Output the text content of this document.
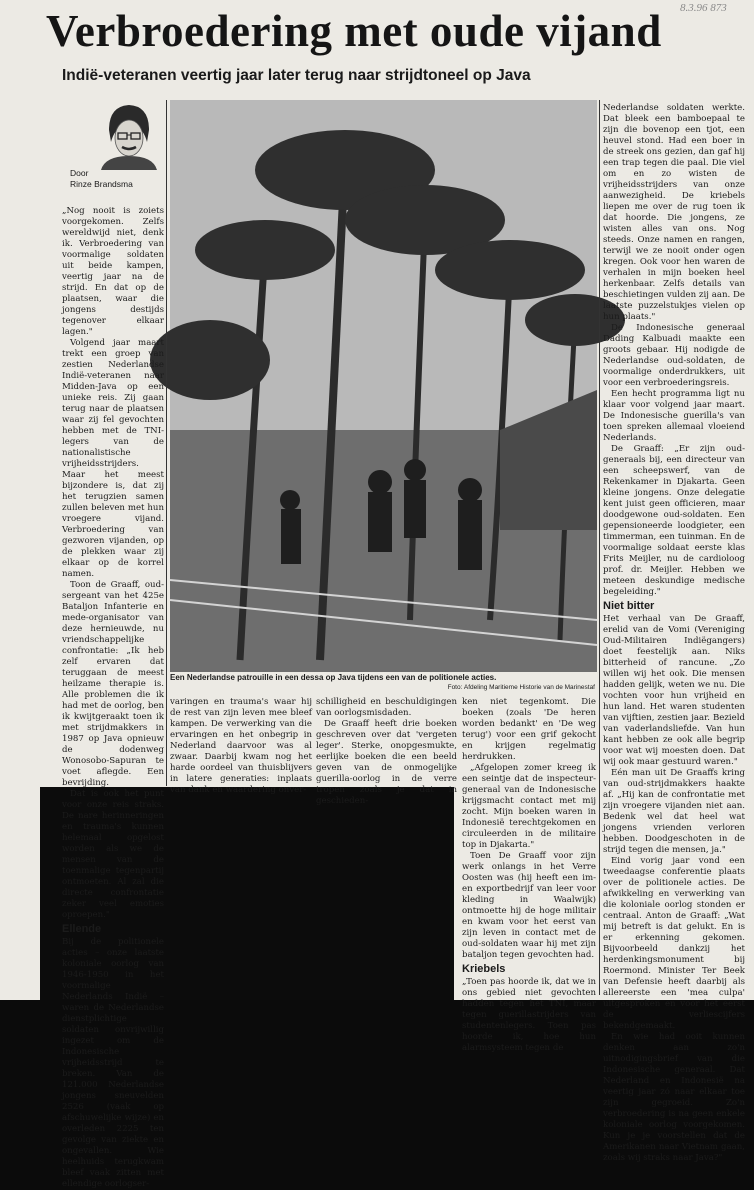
8.3.96 873
Verbroedering met oude vijand
Indië-veteranen veertig jaar later terug naar strijdtoneel op Java
Door
Rinze Brandsma
Een Nederlandse patrouille in een dessa op Java tijdens een van de politionele acties.
Foto: Afdeling Maritieme Historie van de Marinestaf

„Nog nooit is zoiets voorgekomen. Zelfs wereldwijd niet, denk ik. Verbroedering van voormalige soldaten uit beide kampen, veertig jaar na de strijd. En dat op de plaatsen, waar die jongens destijds tegenover elkaar lagen."

Volgend jaar maart trekt een groep van zestien Nederlandse Indië-veteranen naar Midden-Java op een unieke reis. Zij gaan terug naar de plaatsen waar zij fel gevochten hebben met de TNI-legers van de nationalistische vrijheidsstrijders. Maar het meest bijzondere is, dat zij het terugzien samen zullen beleven met hun vroegere vijand. Verbroedering van gezworen vijanden, op de plekken waar zij elkaar op de korrel namen.

Toon de Graaff, oud-sergeant van het 425e Bataljon Infanterie en mede-organisator van deze hernieuwde, nu vriendschappelijke confrontatie: „Ik heb zelf ervaren dat teruggaan de meest heilzame therapie is. Alle problemen die ik had met de oorlog, ben ik kwijtgeraakt toen ik met strijdmakkers in 1987 op Java opnieuw de dodenweg Wonosobo-Sapuran te voet aflegde. Een bevrijding.

Dat is ook het punt voor onze reis straks. De nare herinneringen en trauma's kunnen helemaal opgelost worden als we de mensen van de toenmalige tegenpartij ontmoeten. Al zal die directe confrontatie zeker veel emoties oproepen."

Ellende

Bij de politionele acties – onze laatste koloniale oorlog van 1946-1950 in het voormalige Nederlands Indië – waren de Nederlandse dienstplichtige soldaten onvrijwillig ingezet om de Indonesische vrijheidsstrijd te breken. Van de 121.000 Nederlandse jongens sneuvelden 2526 (vaak op afschuwelijke wijze) en overleden 2225 ten gevolge van ziekte en ongevallen. Wie heelhuids terugkwam bleef vaak zitten met ellendige oorlogser-

varingen en trauma's waar hij de rest van zijn leven mee bleef kampen. De verwerking van die ervaringen en het onbegrip in Nederland daarvoor was al zwaar. Daarbij kwam nog het harde oordeel van thuisblijvers in latere generaties: inplaats van dank en waardering onver-

schilligheid en beschuldigingen van oorlogsmisdaden.

De Graaff heeft drie boeken geschreven over dat 'vergeten leger'. Sterke, onopgesmukte, eerlijke boeken die een beeld geven van de onmogelijke guerilla-oorlog in de verre tropen zoals je dat in geschieden-

ken niet tegenkomt. Die boeken (zoals 'De heren worden bedankt' en 'De weg terug') voor een grif gekocht en krijgen regelmatig herdrukken.

„Afgelopen zomer kreeg ik een seintje dat de inspecteur-generaal van de Indonesische krijgsmacht contact met mij zocht. Mijn boeken waren in Indonesië terechtgekomen en circuleerden in de militaire top in Djakarta."

Toen De Graaff voor zijn werk onlangs in het Verre Oosten was (hij heeft een im- en exportbedrijf van leer voor kleding in Waalwijk) ontmoette hij de hoge militair en kwam voor het eerst van zijn leven in contact met de oud-soldaten waar hij met zijn bataljon tegen gevochten had.

Kriebels

„Toen pas hoorde ik, dat we in ons gebied niet gevochten hadden tegen het TNI, maar tegen guerillastrijders van studentenlegers. Toen pas hoorde ik, hoe hun alarmsysteem tegen de

Nederlandse soldaten werkte. Dat bleek een bamboepaal te zijn die bovenop een tjot, een heuvel stond. Had een boer in de streek ons gezien, dan gaf hij een trap tegen die paal. Die viel om en zo wisten de vrijheidsstrijders van onze aanwezigheid. De kriebels liepen me over de rug toen ik dat hoorde. Die jongens, ze wisten alles van ons. Nog steeds. Onze namen en rangen, terwijl we ze nooit onder ogen kregen. Ook voor hen waren de verhalen in mijn boeken heel herkenbaar. Zelfs details van beschietingen vulden zij aan. De laatste puzzelstukjes vielen op hun plaats."

De Indonesische generaal Dading Kalbuadi maakte een groots gebaar. Hij nodigde de Nederlandse oud-soldaten, de voormalige onderdrukkers, uit voor een verbroederingsreis.

Een hecht programma ligt nu klaar voor volgend jaar maart. De Indonesische guerilla's van toen spreken allemaal vloeiend Nederlands.

De Graaff: „Er zijn oud-generaals bij, een directeur van een scheepswerf, van de Rekenkamer in Djakarta. Geen kleine jongens. Onze delegatie kent juist geen officieren, maar doodgewone oud-soldaten. Een gepensioneerde loodgieter, een timmerman, een tuinman. En de voormalige soldaat eerste klas Frits Meijler, nu de cardioloog prof. dr. Meijler. Hebben we meteen deskundige medische begeleiding."

Niet bitter

Het verhaal van De Graaff, erelid van de Vomi (Vereniging Oud-Militairen Indiëgangers) doet feestelijk aan. Niks bitterheid of rancune. „Zo willen wij het ook. Die mensen hadden gelijk, weten we nu. Die vochten voor hun vrijheid en hun land. Het waren studenten van vijftien, zestien jaar. Bezield van vaderlandsliefde. Van hun kant hebben ze ook alle begrip voor wat wij moesten doen. Dat wij ook maar gestuurd waren."

Eén man uit De Graaffs kring van oud-strijdmakkers haakte af. „Hij kan de confrontatie met zijn vroegere vijanden niet aan. Bedenk wel dat heel wat jongens vrienden verloren hebben. Doodgeschoten in de strijd tegen die mensen, ja."

Eind vorig jaar vond een tweedaagse conferentie plaats over de politionele acties. De afwikkeling en verwerking van die koloniale oorlog stonden er centraal. Anton de Graaff: „Wat mij betreft is dat gelukt. En is er erkenning gekomen. Bijvoorbeeld dankzij het herdenkingsmonument bij Roermond. Minister Ter Beek van Defensie heeft daarbij als allereerste een 'mea culpa' uitgesproken en voor het eerst de verliescijfers bekendgemaakt.

En wie had ooit kunnen denken aan zo'n uitnodigingsbrief van die Indonesische generaal. Dat Nederland en Indonesië na veertig jaar zó naar elkaar toe zijn gegroeid. Zo'n verbroedering is na geen enkele koloniale oorlog voorgekomen. Kun je je voorstellen dat de Amerikanen naar Vietnam gaan, zoals wij straks naar Java?"
